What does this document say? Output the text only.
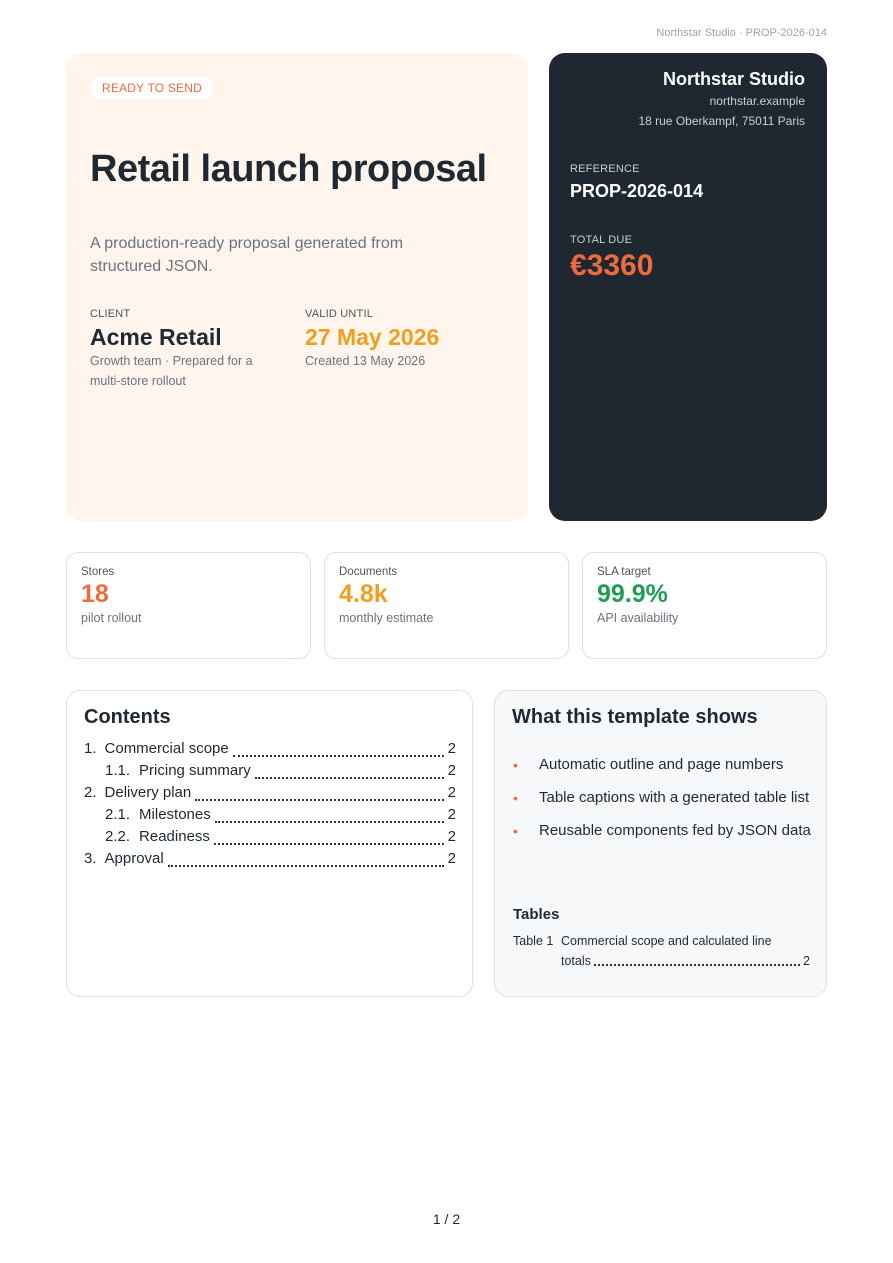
Northstar Studio · PROP-2026-014
READY TO SEND
Retail launch proposal

A production-ready proposal generated from structured JSON.

CLIENT
Acme Retail
Growth team · Prepared for a multi-store rollout
VALID UNTIL
27 May 2026
Created 13 May 2026
Northstar Studio
northstar.example
18 rue Oberkampf, 75011 Paris
REFERENCE
PROP-2026-014
TOTAL DUE
€3360
Stores
18
pilot rollout
Documents
4.8k
monthly estimate
SLA target
99.9%
API availability
Contents
1. Commercial scope	2
1.1. Pricing summary	2
2. Delivery plan	2
2.1. Milestones	2
2.2. Readiness	2
3. Approval	2
What this template shows
• Automatic outline and page numbers
• Table captions with a generated table list
• Reusable components fed by JSON data
Tables
Table 1 Commercial scope and calculated line
totals	2
1 / 2
